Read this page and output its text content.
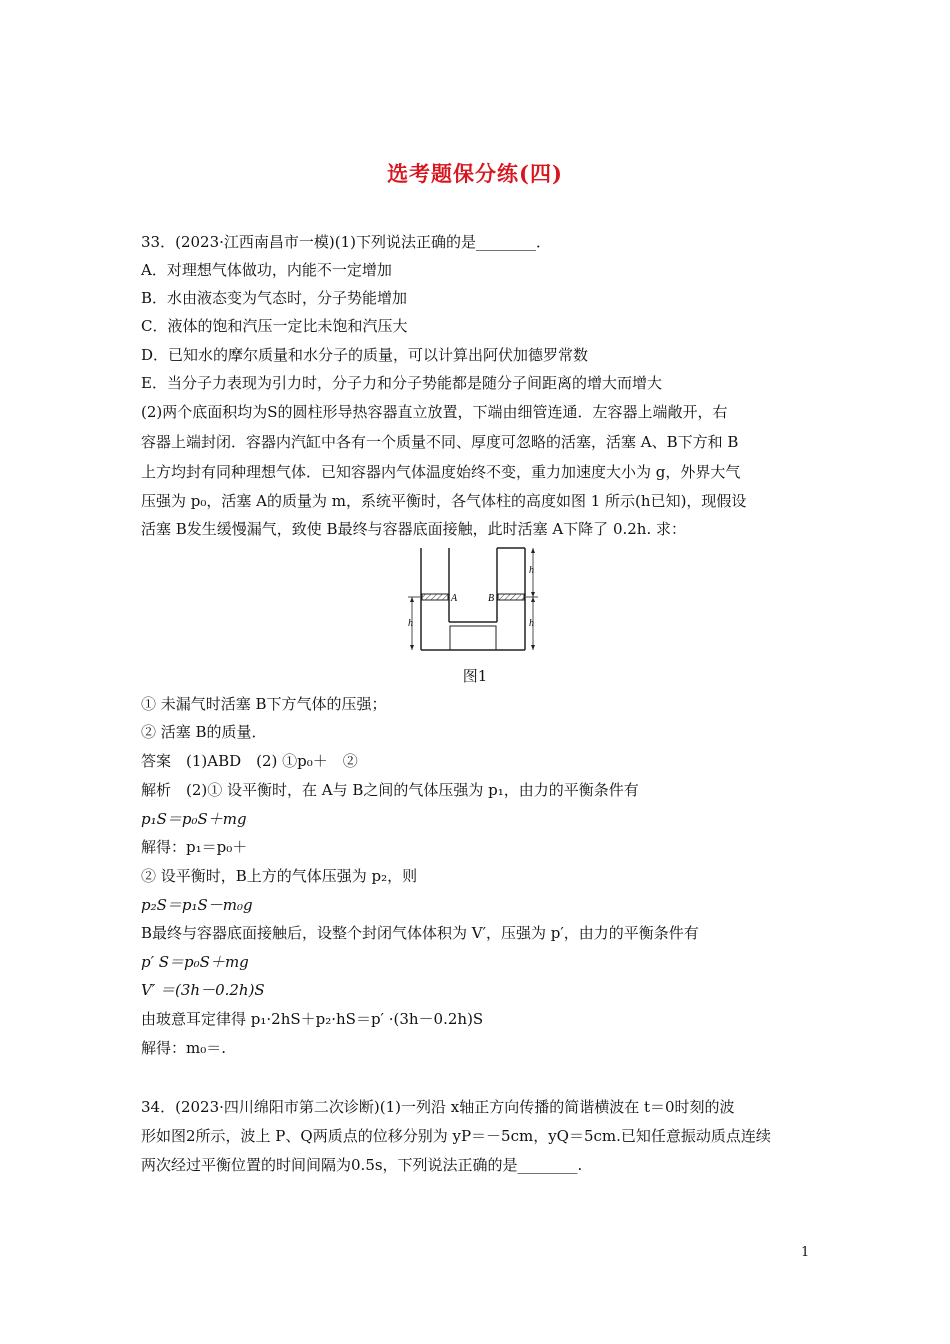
选考题保分练(四)
33．(2023·江西南昌市一模)(1)下列说法正确的是________．
A．对理想气体做功，内能不一定增加
B．水由液态变为气态时，分子势能增加
C．液体的饱和汽压一定比未饱和汽压大
D．已知水的摩尔质量和水分子的质量，可以计算出阿伏加德罗常数
E．当分子力表现为引力时，分子力和分子势能都是随分子间距离的增大而增大
(2)两个底面积均为S的圆柱形导热容器直立放置，下端由细管连通．左容器上端敞开，右
容器上端封闭．容器内汽缸中各有一个质量不同、厚度可忽略的活塞，活塞 A、B下方和 B
上方均封有同种理想气体．已知容器内气体温度始终不变，重力加速度大小为 g，外界大气
压强为 p₀，活塞 A的质量为 m，系统平衡时，各气体柱的高度如图 1 所示(h已知)，现假设
活塞 B发生缓慢漏气，致使 B最终与容器底面接触，此时活塞 A下降了 0.2h. 求：
A	B
h
h
h
图1
① 未漏气时活塞 B下方气体的压强；
② 活塞 B的质量．
答案　(1)ABD　(2) ①p₀＋　②
解析　(2)① 设平衡时，在 A与 B之间的气体压强为 p₁，由力的平衡条件有
p₁S＝p₀S＋mg
解得：p₁＝p₀＋
② 设平衡时，B上方的气体压强为 p₂，则
p₂S＝p₁S－m₀g
B最终与容器底面接触后，设整个封闭气体体积为 V′，压强为 p′，由力的平衡条件有
p′ S＝p₀S＋mg
V′ ＝(3h－0.2h)S
由玻意耳定律得 p₁·2hS＋p₂·hS＝p′ ·(3h－0.2h)S
解得：m₀＝.
34．(2023·四川绵阳市第二次诊断)(1)一列沿 x轴正方向传播的简谐横波在 t＝0时刻的波
形如图2所示，波上 P、Q两质点的位移分别为 yP＝－5cm，yQ＝5cm.已知任意振动质点连续
两次经过平衡位置的时间间隔为0.5s，下列说法正确的是________.
1
